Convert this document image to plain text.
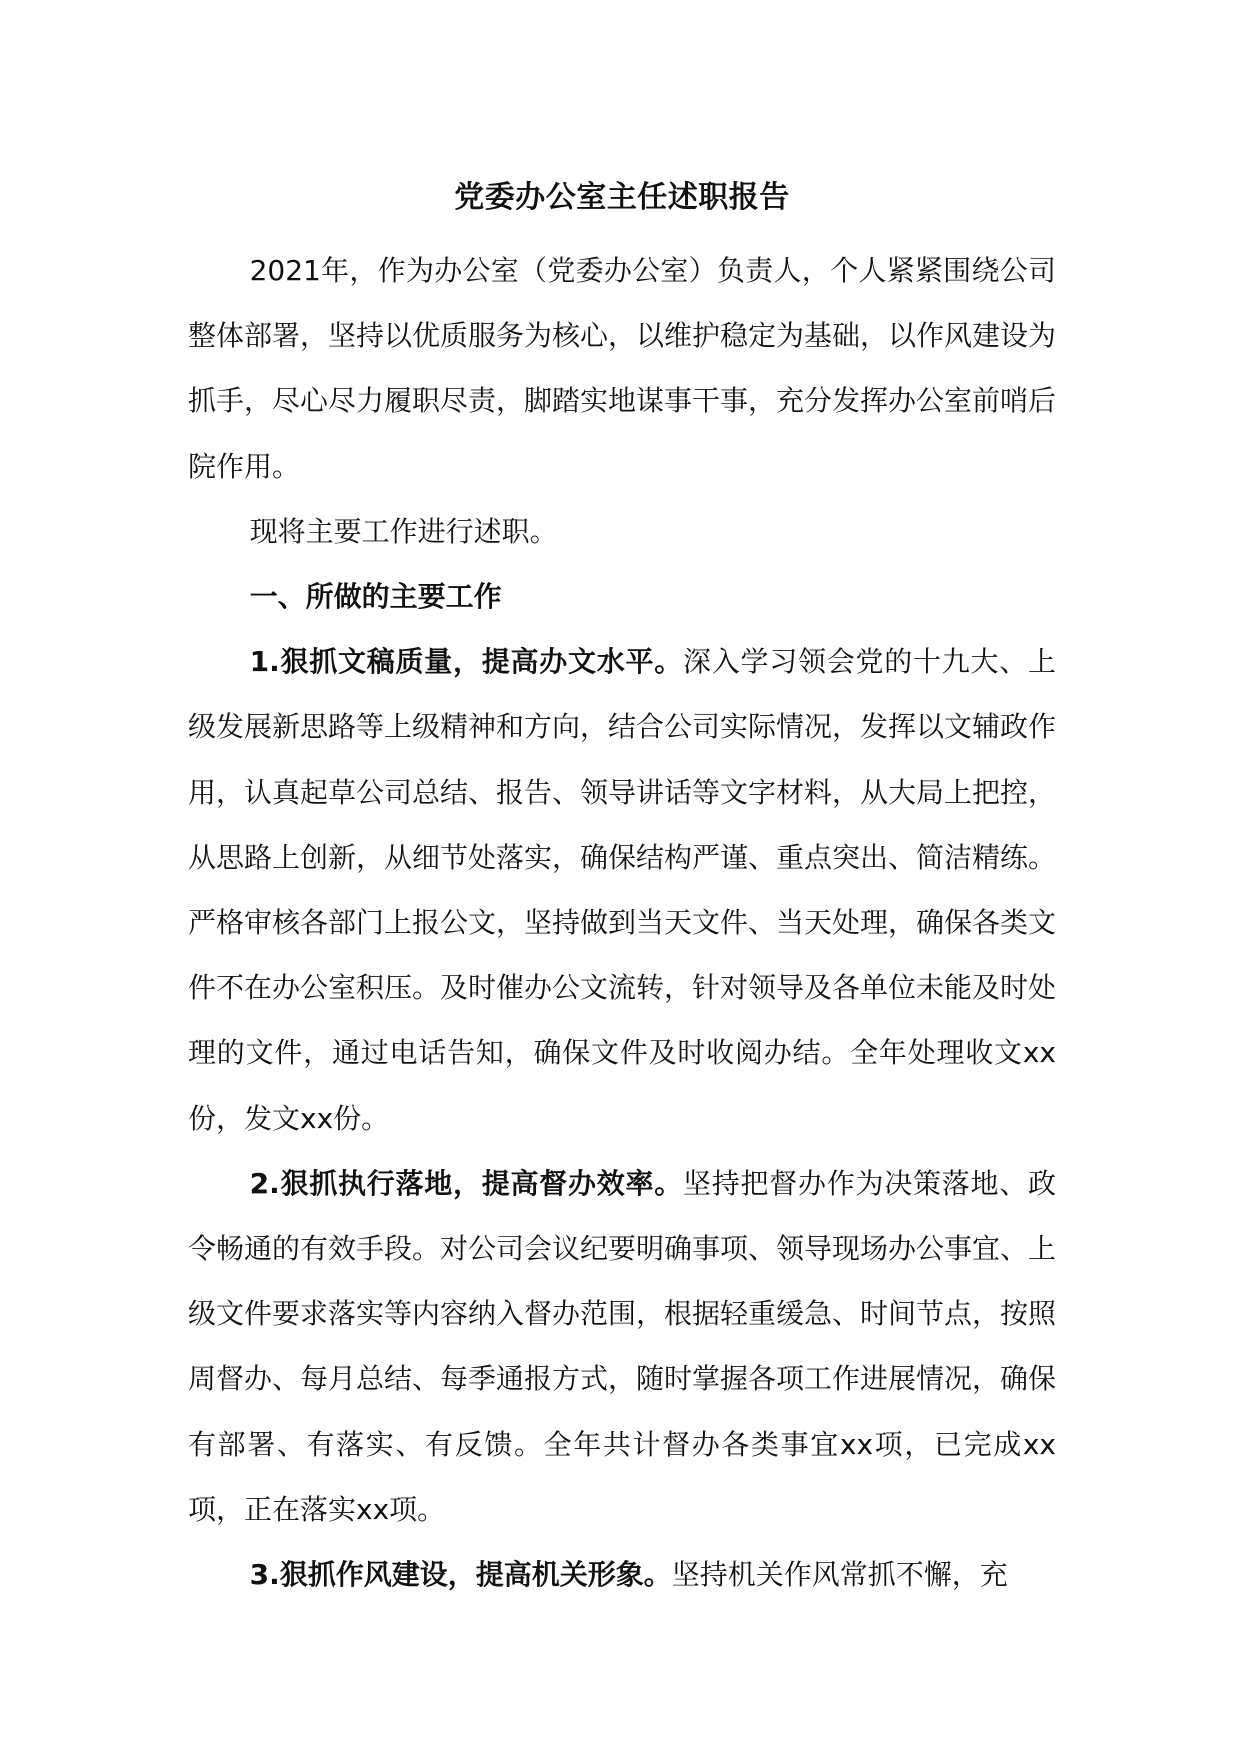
党委办公室主任述职报告

2021年，作为办公室（党委办公室）负责人，个人紧紧围绕公司整体部署，坚持以优质服务为核心，以维护稳定为基础，以作风建设为抓手，尽心尽力履职尽责，脚踏实地谋事干事，充分发挥办公室前哨后院作用。

现将主要工作进行述职。

一、所做的主要工作

1.狠抓文稿质量，提高办文水平。深入学习领会党的十九大、上级发展新思路等上级精神和方向，结合公司实际情况，发挥以文辅政作用，认真起草公司总结、报告、领导讲话等文字材料，从大局上把控，从思路上创新，从细节处落实，确保结构严谨、重点突出、简洁精练。严格审核各部门上报公文，坚持做到当天文件、当天处理，确保各类文件不在办公室积压。及时催办公文流转，针对领导及各单位未能及时处理的文件，通过电话告知，确保文件及时收阅办结。全年处理收文xx份，发文xx份。

2.狠抓执行落地，提高督办效率。坚持把督办作为决策落地、政令畅通的有效手段。对公司会议纪要明确事项、领导现场办公事宜、上级文件要求落实等内容纳入督办范围，根据轻重缓急、时间节点，按照周督办、每月总结、每季通报方式，随时掌握各项工作进展情况，确保有部署、有落实、有反馈。全年共计督办各类事宜xx项，已完成xx项，正在落实xx项。

3.狠抓作风建设，提高机关形象。坚持机关作风常抓不懈，充
